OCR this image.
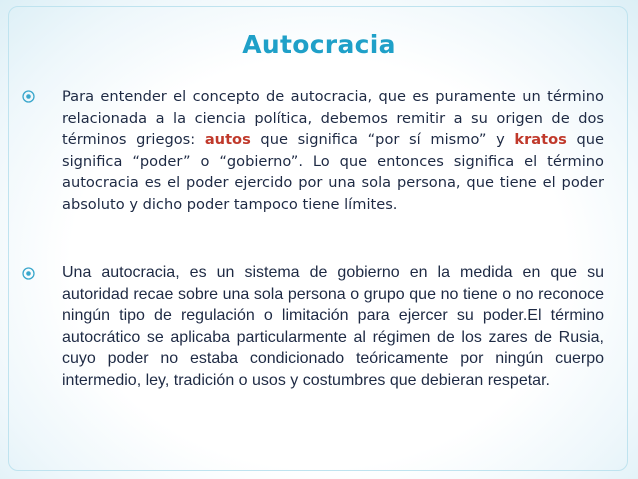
Autocracia
Para entender el concepto de autocracia, que es puramente un término relacionada a la ciencia política, debemos remitir a su origen de dos términos griegos: autos que significa “por sí mismo” y kratos que significa “poder” o “gobierno”. Lo que entonces significa el término autocracia es el poder ejercido por una sola persona, que tiene el poder absoluto y dicho poder tampoco tiene límites.
Una autocracia, es un sistema de gobierno en la medida en que su autoridad recae sobre una sola persona o grupo que no tiene o no reconoce ningún tipo de regulación o limitación para ejercer su poder.El término autocrático se aplicaba particularmente al régimen de los zares de Rusia, cuyo poder no estaba condicionado teóricamente por ningún cuerpo intermedio, ley, tradición o usos y costumbres que debieran respetar.
